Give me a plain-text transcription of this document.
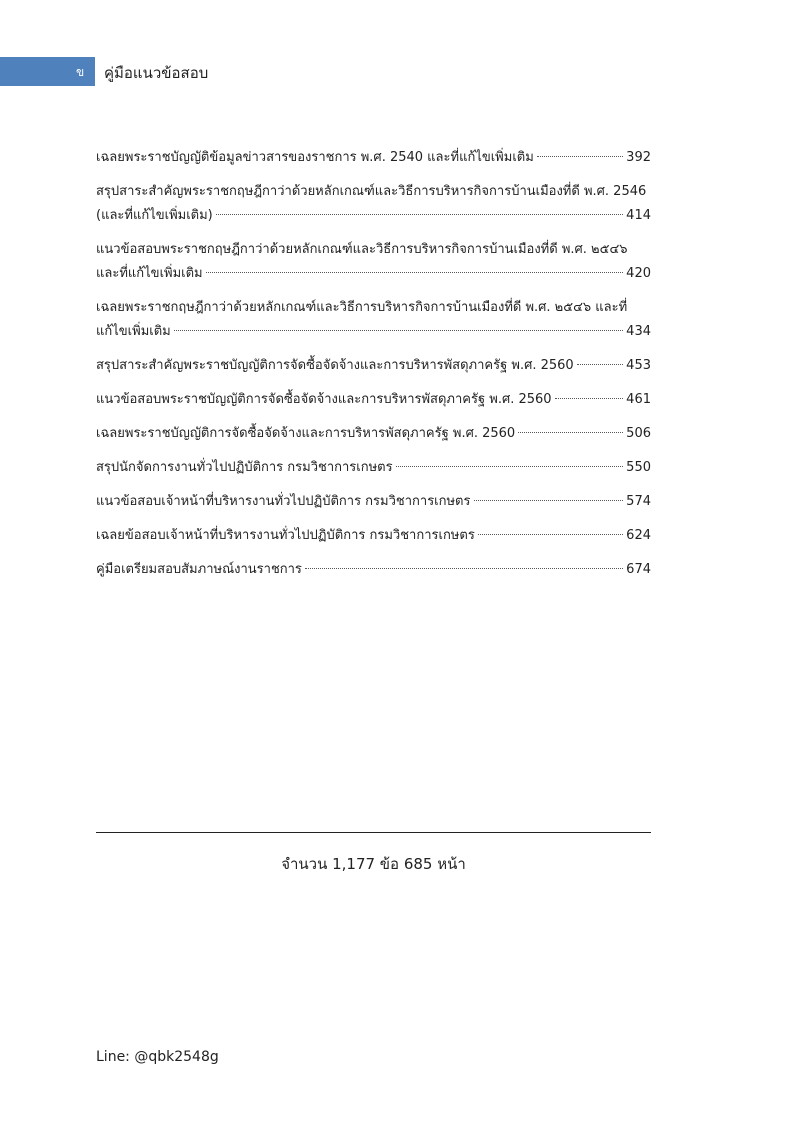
ข คู่มือแนวข้อสอบ
เฉลยพระราชบัญญัติข้อมูลข่าวสารของราชการ พ.ศ. 2540 และที่แก้ไขเพิ่มเติม	392
สรุปสาระสำคัญพระราชกฤษฎีกาว่าด้วยหลักเกณฑ์และวิธีการบริหารกิจการบ้านเมืองที่ดี พ.ศ. 2546
(และที่แก้ไขเพิ่มเติม)	414
แนวข้อสอบพระราชกฤษฎีกาว่าด้วยหลักเกณฑ์และวิธีการบริหารกิจการบ้านเมืองที่ดี พ.ศ. ๒๕๔๖
และที่แก้ไขเพิ่มเติม	420
เฉลยพระราชกฤษฎีกาว่าด้วยหลักเกณฑ์และวิธีการบริหารกิจการบ้านเมืองที่ดี พ.ศ. ๒๕๔๖ และที่
แก้ไขเพิ่มเติม	434
สรุปสาระสำคัญพระราชบัญญัติการจัดซื้อจัดจ้างและการบริหารพัสดุภาครัฐ พ.ศ. 2560	453
แนวข้อสอบพระราชบัญญัติการจัดซื้อจัดจ้างและการบริหารพัสดุภาครัฐ พ.ศ. 2560	461
เฉลยพระราชบัญญัติการจัดซื้อจัดจ้างและการบริหารพัสดุภาครัฐ พ.ศ. 2560	506
สรุปนักจัดการงานทั่วไปปฏิบัติการ กรมวิชาการเกษตร	550
แนวข้อสอบเจ้าหน้าที่บริหารงานทั่วไปปฏิบัติการ กรมวิชาการเกษตร	574
เฉลยข้อสอบเจ้าหน้าที่บริหารงานทั่วไปปฏิบัติการ กรมวิชาการเกษตร	624
คู่มือเตรียมสอบสัมภาษณ์งานราชการ	674
จำนวน 1,177 ข้อ 685 หน้า
Line: @qbk2548g
